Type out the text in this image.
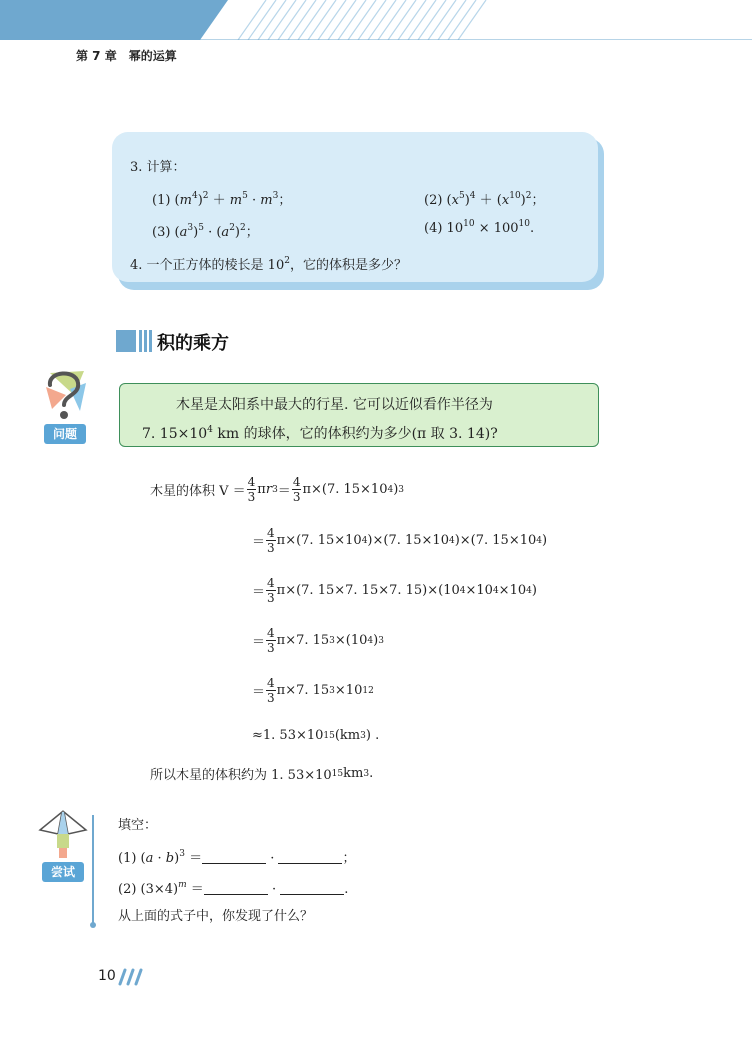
第 7 章　幂的运算
3. 计算：
(1) $(m^4)^2 + m^5 \cdot m^3$；	(2) $(x^5)^4 + (x^{10})^2$；
(3) $(a^3)^5 \cdot (a^2)^2$；	(4) $10^{10} \times 100^{10}$.
4. 一个正方体的棱长是 $10^2$，它的体积是多少？
积的乘方
问题
木星是太阳系中最大的行星. 它可以近似看作半径为
7. $15\times 10^4$ km 的球体，它的体积约为多少(π 取 3. 14)?
木星的体积 $V = \frac{4}{3}$ π r $3 = \frac{4}{3} \pi\times(7$. 15×10 4 ) 3
＝ $\frac{4}{3} \pi\times(7$. 15×10 4 )×(7. 15×10 4 )×(7. 15×10 4 )
＝ $\frac{4}{3} \pi\times(7$. 15×7. 15×7. 15)×(10 4 ×10 4 ×10 4 )
＝ $\frac{4}{3} \pi\times 7$. 15 3 ×(10 4 ) 3
＝ $\frac{4}{3} \pi\times 7$. 15 3 ×10 12
≈1. 53×10 15 (km 3 ) .
所以木星的体积约为 1. 53×10 15 km 3 .
尝试
填空：
(1) $(a \cdot b)^3$ ＝	·	；
(2) $(3\times 4)^m$ ＝	·	.
从上面的式子中，你发现了什么？
10
